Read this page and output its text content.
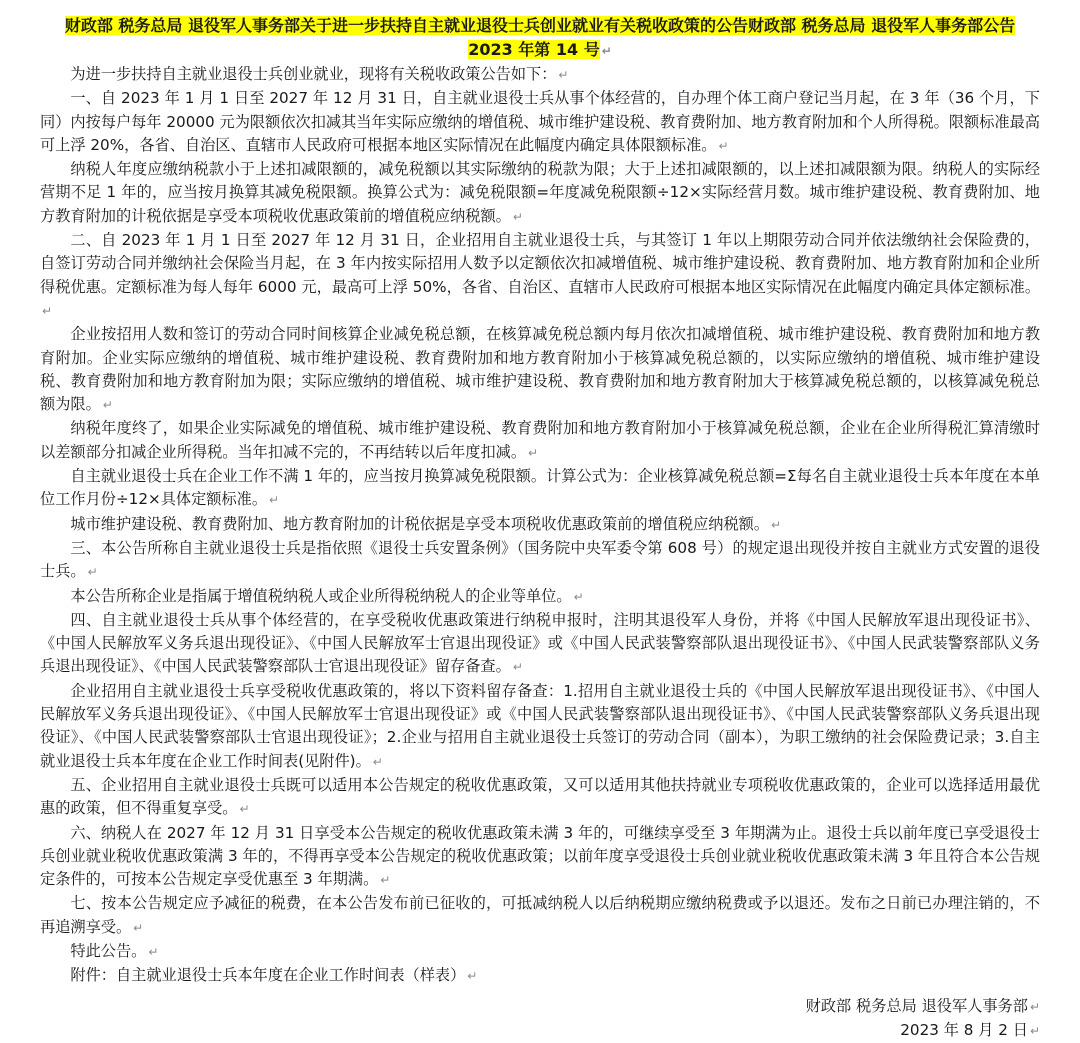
财政部 税务总局 退役军人事务部关于进一步扶持自主就业退役士兵创业就业有关税收政策的公告财政部 税务总局 退役军人事务部公告 2023 年第 14 号 ↵

为进一步扶持自主就业退役士兵创业就业，现将有关税收政策公告如下： ↵

一、自 2023 年 1 月 1 日至 2027 年 12 月 31 日，自主就业退役士兵从事个体经营的，自办理个体工商户登记当月起，在 3 年（36 个月，下同）内按每户每年 20000 元为限额依次扣减其当年实际应缴纳的增值税、城市维护建设税、教育费附加、地方教育附加和个人所得税。限额标准最高可上浮 20%，各省、自治区、直辖市人民政府可根据本地区实际情况在此幅度内确定具体限额标准。 ↵

纳税人年度应缴纳税款小于上述扣减限额的，减免税额以其实际缴纳的税款为限；大于上述扣减限额的，以上述扣减限额为限。纳税人的实际经营期不足 1 年的，应当按月换算其减免税限额。换算公式为：减免税限额=年度减免税限额÷12×实际经营月数。城市维护建设税、教育费附加、地方教育附加的计税依据是享受本项税收优惠政策前的增值税应纳税额。 ↵

二、自 2023 年 1 月 1 日至 2027 年 12 月 31 日，企业招用自主就业退役士兵，与其签订 1 年以上期限劳动合同并依法缴纳社会保险费的，自签订劳动合同并缴纳社会保险当月起，在 3 年内按实际招用人数予以定额依次扣减增值税、城市维护建设税、教育费附加、地方教育附加和企业所得税优惠。定额标准为每人每年 6000 元，最高可上浮 50%，各省、自治区、直辖市人民政府可根据本地区实际情况在此幅度内确定具体定额标准。↵

企业按招用人数和签订的劳动合同时间核算企业减免税总额，在核算减免税总额内每月依次扣减增值税、城市维护建设税、教育费附加和地方教育附加。企业实际应缴纳的增值税、城市维护建设税、教育费附加和地方教育附加小于核算减免税总额的，以实际应缴纳的增值税、城市维护建设税、教育费附加和地方教育附加为限；实际应缴纳的增值税、城市维护建设税、教育费附加和地方教育附加大于核算减免税总额的，以核算减免税总额为限。 ↵

纳税年度终了，如果企业实际减免的增值税、城市维护建设税、教育费附加和地方教育附加小于核算减免税总额，企业在企业所得税汇算清缴时以差额部分扣减企业所得税。当年扣减不完的，不再结转以后年度扣减。 ↵

自主就业退役士兵在企业工作不满 1 年的，应当按月换算减免税限额。计算公式为：企业核算减免税总额=Σ每名自主就业退役士兵本年度在本单位工作月份÷12×具体定额标准。 ↵

城市维护建设税、教育费附加、地方教育附加的计税依据是享受本项税收优惠政策前的增值税应纳税额。 ↵

三、本公告所称自主就业退役士兵是指依照《退役士兵安置条例》（国务院中央军委令第 608 号）的规定退出现役并按自主就业方式安置的退役士兵。 ↵

本公告所称企业是指属于增值税纳税人或企业所得税纳税人的企业等单位。 ↵

四、自主就业退役士兵从事个体经营的，在享受税收优惠政策进行纳税申报时，注明其退役军人身份，并将《中国人民解放军退出现役证书》、《中国人民解放军义务兵退出现役证》、《中国人民解放军士官退出现役证》或《中国人民武装警察部队退出现役证书》、《中国人民武装警察部队义务兵退出现役证》、《中国人民武装警察部队士官退出现役证》留存备查。 ↵

企业招用自主就业退役士兵享受税收优惠政策的，将以下资料留存备查：1.招用自主就业退役士兵的《中国人民解放军退出现役证书》、《中国人民解放军义务兵退出现役证》、《中国人民解放军士官退出现役证》或《中国人民武装警察部队退出现役证书》、《中国人民武装警察部队义务兵退出现役证》、《中国人民武装警察部队士官退出现役证》；2.企业与招用自主就业退役士兵签订的劳动合同（副本），为职工缴纳的社会保险费记录；3.自主就业退役士兵本年度在企业工作时间表(见附件)。 ↵

五、企业招用自主就业退役士兵既可以适用本公告规定的税收优惠政策，又可以适用其他扶持就业专项税收优惠政策的，企业可以选择适用最优惠的政策，但不得重复享受。 ↵

六、纳税人在 2027 年 12 月 31 日享受本公告规定的税收优惠政策未满 3 年的，可继续享受至 3 年期满为止。退役士兵以前年度已享受退役士兵创业就业税收优惠政策满 3 年的，不得再享受本公告规定的税收优惠政策；以前年度享受退役士兵创业就业税收优惠政策未满 3 年且符合本公告规定条件的，可按本公告规定享受优惠至 3 年期满。 ↵

七、按本公告规定应予减征的税费，在本公告发布前已征收的，可抵减纳税人以后纳税期应缴纳税费或予以退还。发布之日前已办理注销的，不再追溯享受。 ↵

特此公告。 ↵

附件：自主就业退役士兵本年度在企业工作时间表（样表） ↵

财政部 税务总局 退役军人事务部 ↵
2023 年 8 月 2 日 ↵
